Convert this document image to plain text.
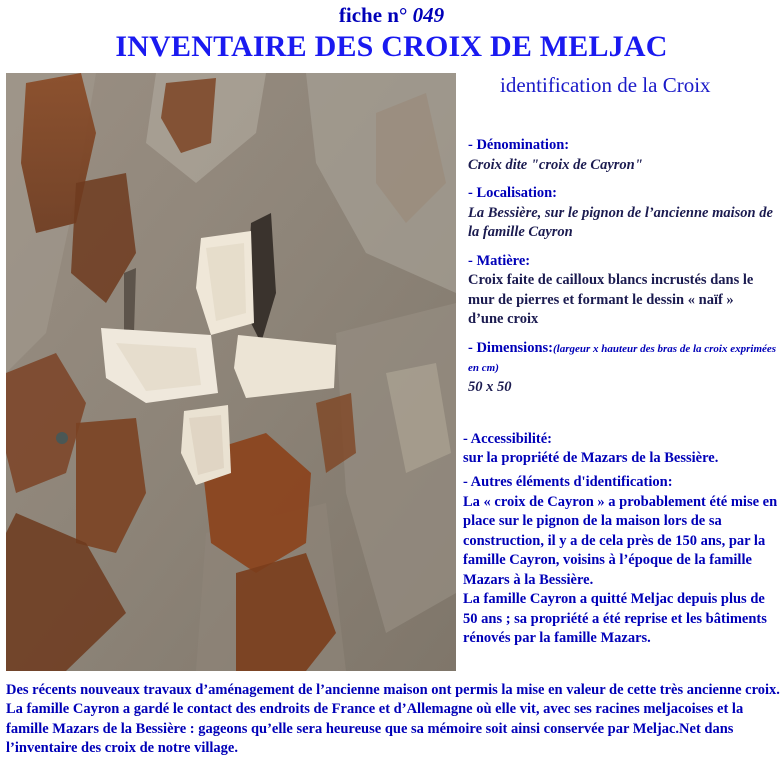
fiche n° 049
INVENTAIRE DES CROIX DE MELJAC
identification de la Croix
- Dénomination:
Croix dite "croix de Cayron"
- Localisation:
La Bessière, sur le pignon de l’ancienne maison de la famille Cayron
- Matière:
Croix faite de cailloux blancs incrustés dans le mur de pierres et formant le dessin « naïf » d’une croix
- Dimensions:(largeur x hauteur des bras de la croix exprimées en cm)
50 x 50
- Accessibilité:
sur la propriété de Mazars de la Bessière.
- Autres éléments d'identification:
La « croix de Cayron » a probablement été mise en place sur le pignon de la maison lors de sa construction, il y a de cela près de 150 ans, par la famille Cayron, voisins à l’époque de la famille Mazars à la Bessière.
La famille Cayron a quitté Meljac depuis plus de 50 ans ; sa propriété a été reprise et les bâtiments rénovés par la famille Mazars.
Des récents nouveaux travaux d’aménagement de l’ancienne maison ont permis la mise en valeur de cette très ancienne croix. La famille Cayron a gardé le contact des endroits de France et d’Allemagne où elle vit, avec ses racines meljacoises et la famille Mazars de la Bessière : gageons qu’elle sera heureuse que sa mémoire soit ainsi conservée par Meljac.Net dans l’inventaire des croix de notre village.
